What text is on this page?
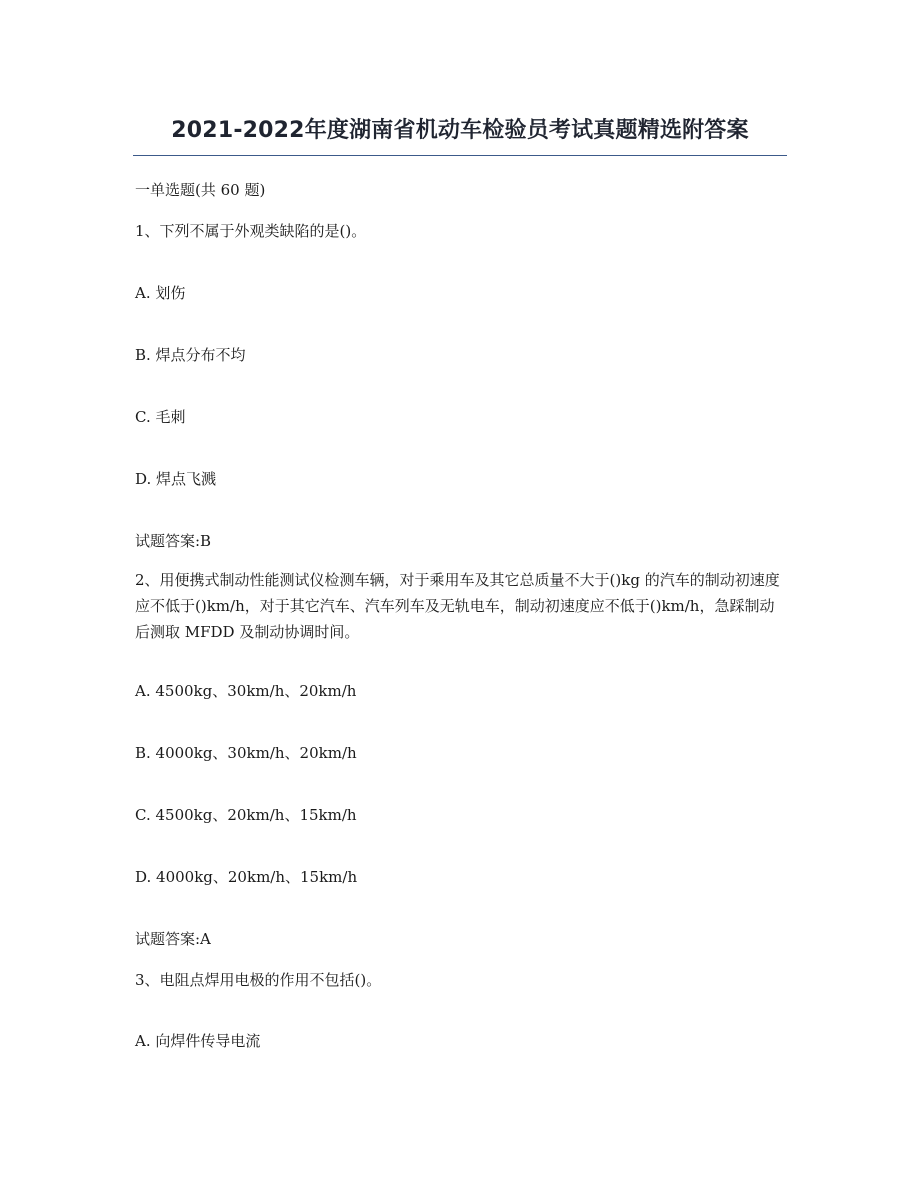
2021-2022年度湖南省机动车检验员考试真题精选附答案
一单选题(共 60 题)
1、下列不属于外观类缺陷的是()。
A. 划伤
B. 焊点分布不均
C. 毛刺
D. 焊点飞溅
试题答案:B
2、用便携式制动性能测试仪检测车辆，对于乘用车及其它总质量不大于()kg 的汽车的制动初速度应不低于()km/h，对于其它汽车、汽车列车及无轨电车，制动初速度应不低于()km/h，急踩制动后测取 MFDD 及制动协调时间。
A. 4500kg、30km/h、20km/h
B. 4000kg、30km/h、20km/h
C. 4500kg、20km/h、15km/h
D. 4000kg、20km/h、15km/h
试题答案:A
3、电阻点焊用电极的作用不包括()。
A. 向焊件传导电流
